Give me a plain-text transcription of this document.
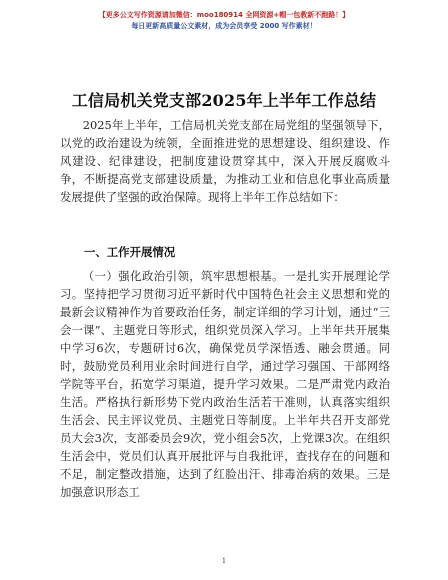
【更多公文写作资源请加微信：moo180914 全网资源+帽一包教新不跑路！】
每日更新高质量公文素材，成为会员享受 2000 写作素材！
工信局机关党支部2025年上半年工作总结
2025年上半年，工信局机关党支部在局党组的坚强领导下，以党的政治建设为统领，全面推进党的思想建设、组织建设、作风建设、纪律建设，把制度建设贯穿其中，深入开展反腐败斗争，不断提高党支部建设质量，为推动工业和信息化事业高质量发展提供了坚强的政治保障。现将上半年工作总结如下：
一、工作开展情况
（一）强化政治引领，筑牢思想根基。一是扎实开展理论学习。坚持把学习贯彻习近平新时代中国特色社会主义思想和党的最新会议精神作为首要政治任务，制定详细的学习计划，通过“三会一课”、主题党日等形式，组织党员深入学习。上半年共开展集中学习6次，专题研讨6次，确保党员学深悟透、融会贯通。同时，鼓励党员利用业余时间进行自学，通过学习强国、干部网络学院等平台，拓宽学习渠道，提升学习效果。二是严肃党内政治生活。严格执行新形势下党内政治生活若干准则，认真落实组织生活会、民主评议党员、主题党日等制度。上半年共召开支部党员大会3次，支部委员会9次，党小组会5次，上党课3次。在组织生活会中，党员们认真开展批评与自我批评，查找存在的问题和不足，制定整改措施，达到了红脸出汗、排毒治病的效果。三是加强意识形态工
1
